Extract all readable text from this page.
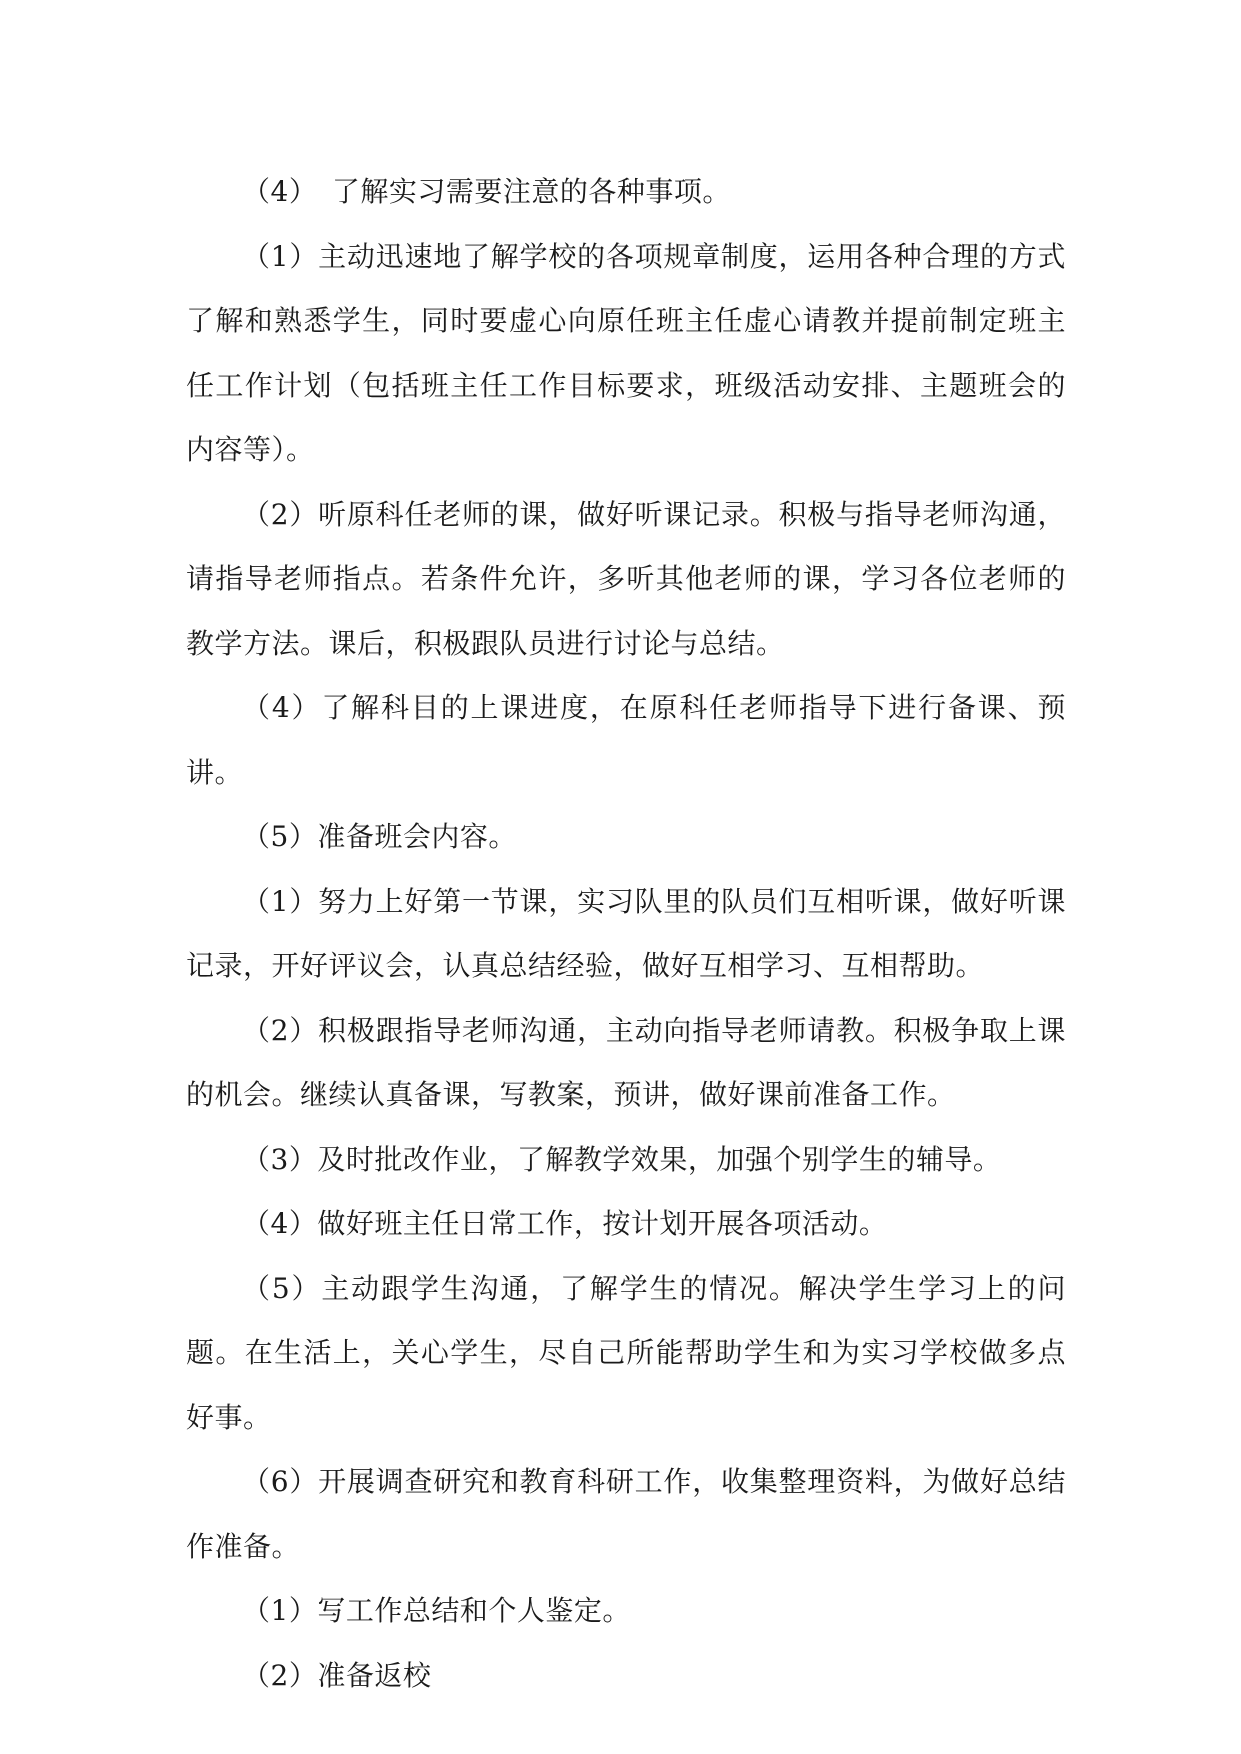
（4）　了解实习需要注意的各种事项。

（1）主动迅速地了解学校的各项规章制度，运用各种合理的方式了解和熟悉学生，同时要虚心向原任班主任虚心请教并提前制定班主任工作计划（包括班主任工作目标要求，班级活动安排、主题班会的内容等）。

（2）听原科任老师的课，做好听课记录。积极与指导老师沟通，请指导老师指点。若条件允许，多听其他老师的课，学习各位老师的教学方法。课后，积极跟队员进行讨论与总结。

（4）了解科目的上课进度，在原科任老师指导下进行备课、预讲。

（5）准备班会内容。

（1）努力上好第一节课，实习队里的队员们互相听课，做好听课记录，开好评议会，认真总结经验，做好互相学习、互相帮助。

（2）积极跟指导老师沟通，主动向指导老师请教。积极争取上课的机会。继续认真备课，写教案，预讲，做好课前准备工作。

（3）及时批改作业，了解教学效果，加强个别学生的辅导。

（4）做好班主任日常工作，按计划开展各项活动。

（5）主动跟学生沟通，了解学生的情况。解决学生学习上的问题。在生活上，关心学生，尽自己所能帮助学生和为实习学校做多点好事。

（6）开展调查研究和教育科研工作，收集整理资料，为做好总结作准备。

（1）写工作总结和个人鉴定。

（2）准备返校
